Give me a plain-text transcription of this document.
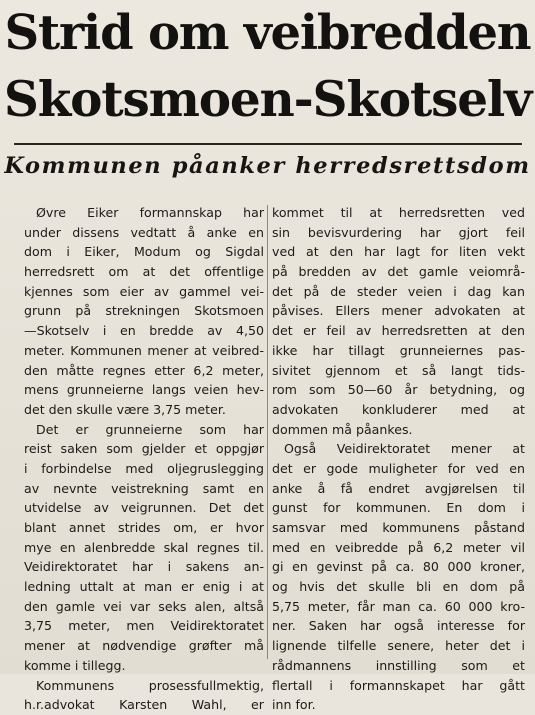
Strid om veibredden
Skotsmoen-Skotselv
Kommunen påanker herredsrettsdom
Øvre Eiker formannskap har
under dissens vedtatt å anke en
dom i Eiker, Modum og Sigdal
herredsrett om at det offentlige
kjennes som eier av gammel vei-
grunn på strekningen Skotsmoen
—Skotselv i en bredde av 4,50
meter. Kommunen mener at veibred-
den måtte regnes etter 6,2 meter,
mens grunneierne langs veien hev-
det den skulle være 3,75 meter.
Det er grunneierne som har
reist saken som gjelder et oppgjør
i forbindelse med oljegruslegging
av nevnte veistrekning samt en
utvidelse av veigrunnen. Det det
blant annet strides om, er hvor
mye en alenbredde skal regnes til.
Veidirektoratet har i sakens an-
ledning uttalt at man er enig i at
den gamle vei var seks alen, altså
3,75 meter, men Veidirektoratet
mener at nødvendige grøfter må
komme i tillegg.
Kommunens prosessfullmektig,
h.r.advokat Karsten Wahl, er
kommet til at herredsretten ved
sin bevisvurdering har gjort feil
ved at den har lagt for liten vekt
på bredden av det gamle veiområ-
det på de steder veien i dag kan
påvises. Ellers mener advokaten at
det er feil av herredsretten at den
ikke har tillagt grunneiernes pas-
sivitet gjennom et så langt tids-
rom som 50—60 år betydning, og
advokaten konkluderer med at
dommen må påankes.
Også Veidirektoratet mener at
det er gode muligheter for ved en
anke å få endret avgjørelsen til
gunst for kommunen. En dom i
samsvar med kommunens påstand
med en veibredde på 6,2 meter vil
gi en gevinst på ca. 80 000 kroner,
og hvis det skulle bli en dom på
5,75 meter, får man ca. 60 000 kro-
ner. Saken har også interesse for
lignende tilfelle senere, heter det i
rådmannens innstilling som et
flertall i formannskapet har gått
inn for.
